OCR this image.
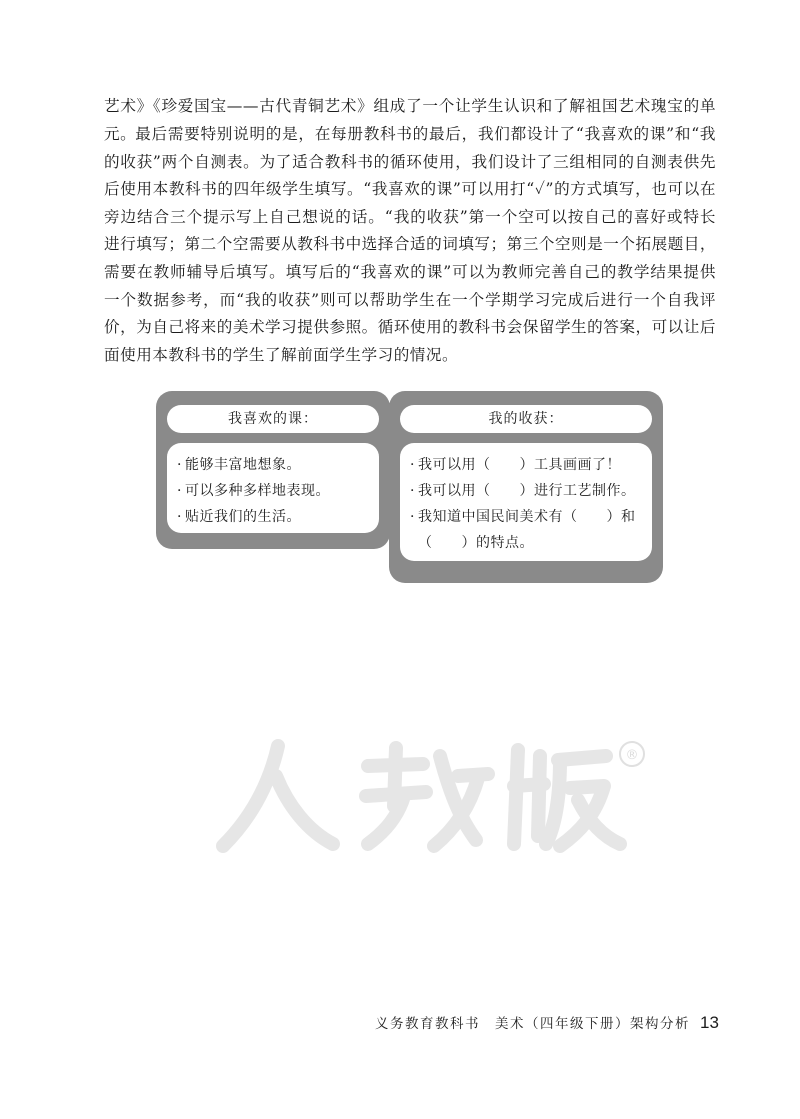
艺术》《珍爱国宝——古代青铜艺术》组成了一个让学生认识和了解祖国艺术瑰宝的单元。

最后需要特别说明的是，在每册教科书的最后，我们都设计了“我喜欢的课”和“我的收获”两个自测表。为了适合教科书的循环使用，我们设计了三组相同的自测表供先后使用本教科书的四年级学生填写。“我喜欢的课”可以用打“✓”的方式填写，也可以在旁边结合三个提示写上自己想说的话。“我的收获”第一个空可以按自己的喜好或特长进行填写；第二个空需要从教科书中选择合适的词填写；第三个空则是一个拓展题目，需要在教师辅导后填写。填写后的“我喜欢的课”可以为教师完善自己的教学结果提供一个数据参考，而“我的收获”则可以帮助学生在一个学期学习完成后进行一个自我评价，为自己将来的美术学习提供参照。循环使用的教科书会保留学生的答案，可以让后面使用本教科书的学生了解前面学生学习的情况。

我喜欢的课：
· 能够丰富地想象。
· 可以多种多样地表现。
· 贴近我们的生活。
我的收获：
· 我可以用（　　）工具画画了！
· 我可以用（　　）进行工艺制作。
· 我知道中国民间美术有（　　）和
（　　）的特点。
®
义务教育教科书　美术（四年级下册）架构分析 13
